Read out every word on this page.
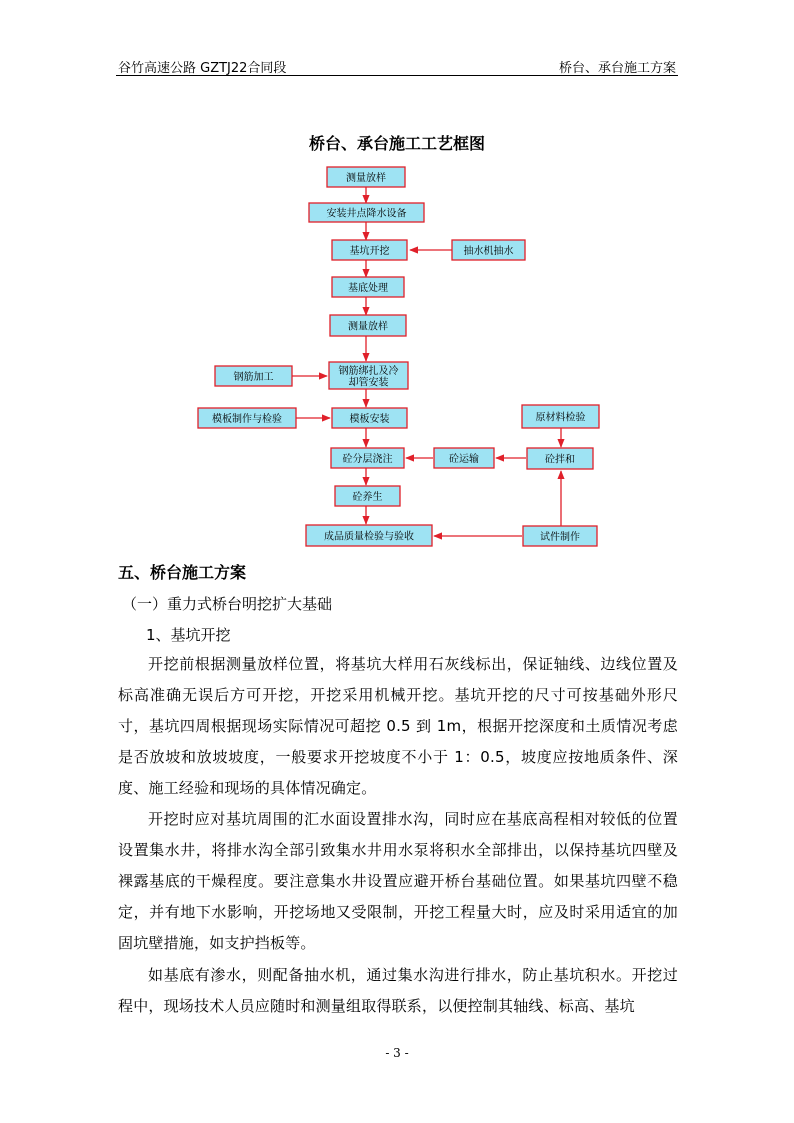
谷竹高速公路 GZTJ22合同段	桥台、承台施工方案
桥台、承台施工工艺框图
测量放样
安装井点降水设备
基坑开挖	抽水机抽水
基底处理
测量放样
钢筋绑扎及冷
却管安装
钢筋加工
模板制作与检验	模板安装	原材料检验
砼分层浇注	砼运输	砼拌和
砼养生
成品质量检验与验收	试件制作
五、桥台施工方案
（一）重力式桥台明挖扩大基础
1、基坑开挖
开挖前根据测量放样位置，将基坑大样用石灰线标出，保证轴线、边线位置及标高准确无误后方可开挖，开挖采用机械开挖。基坑开挖的尺寸可按基础外形尺寸，基坑四周根据现场实际情况可超挖 0.5 到 1m，根据开挖深度和土质情况考虑是否放坡和放坡坡度，一般要求开挖坡度不小于 1：0.5，坡度应按地质条件、深度、施工经验和现场的具体情况确定。
开挖时应对基坑周围的汇水面设置排水沟，同时应在基底高程相对较低的位置设置集水井，将排水沟全部引致集水井用水泵将积水全部排出，以保持基坑四壁及裸露基底的干燥程度。要注意集水井设置应避开桥台基础位置。如果基坑四壁不稳定，并有地下水影响，开挖场地又受限制，开挖工程量大时，应及时采用适宜的加固坑壁措施，如支护挡板等。
如基底有渗水，则配备抽水机，通过集水沟进行排水，防止基坑积水。开挖过程中，现场技术人员应随时和测量组取得联系，以便控制其轴线、标高、基坑
- 3 -
